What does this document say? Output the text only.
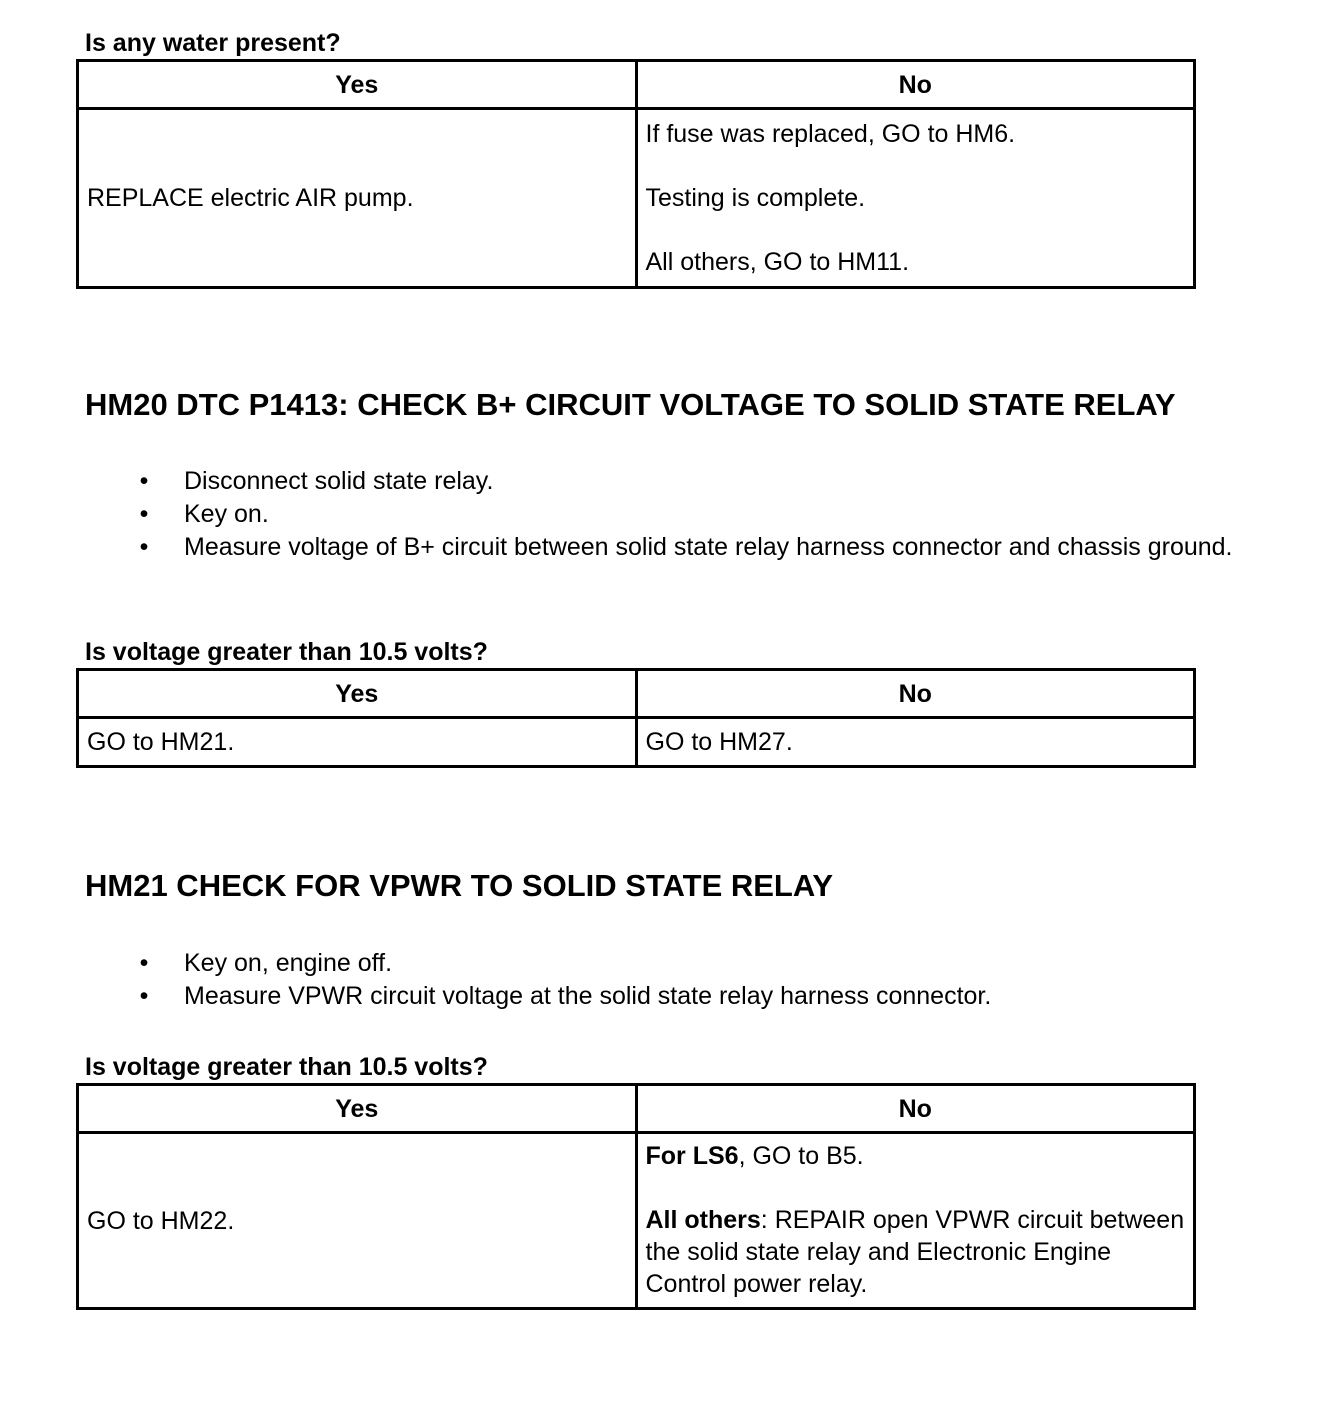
Is any water present?
Yes	No
REPLACE electric AIR pump.	If fuse was replaced, GO to HM6.
Testing is complete.
All others, GO to HM11.
HM20 DTC P1413: CHECK B+ CIRCUIT VOLTAGE TO SOLID STATE RELAY
• Disconnect solid state relay.
• Key on.
• Measure voltage of B+ circuit between solid state relay harness connector and chassis ground.
Is voltage greater than 10.5 volts?
Yes	No
GO to HM21.	GO to HM27.
HM21 CHECK FOR VPWR TO SOLID STATE RELAY
• Key on, engine off.
• Measure VPWR circuit voltage at the solid state relay harness connector.
Is voltage greater than 10.5 volts?
Yes	No
GO to HM22.	For LS6, GO to B5.
All others: REPAIR open VPWR circuit between the solid state relay and Electronic Engine Control power relay.
